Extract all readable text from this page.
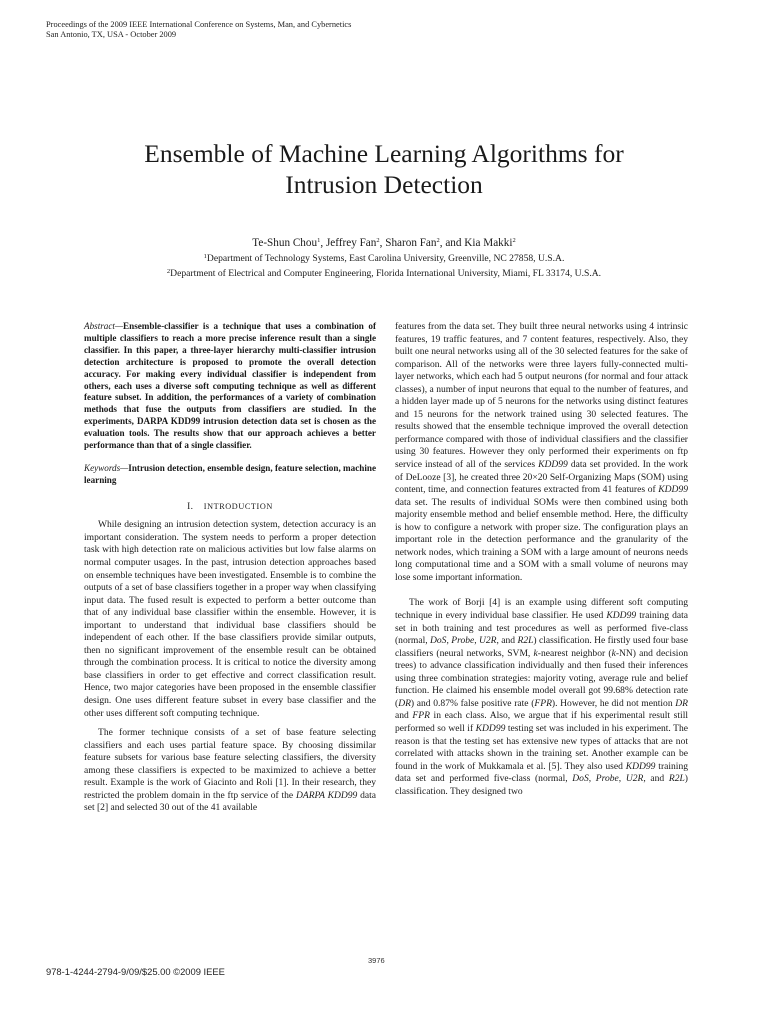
Proceedings of the 2009 IEEE International Conference on Systems, Man, and Cybernetics
San Antonio, TX, USA - October 2009
Ensemble of Machine Learning Algorithms for
Intrusion Detection
Te-Shun Chou$^1$, Jeffrey Fan$^2$, Sharon Fan$^2$, and Kia Makki$^2$
$^1$Department of Technology Systems, East Carolina University, Greenville, NC 27858, U.S.A.
$^2$Department of Electrical and Computer Engineering, Florida International University, Miami, FL 33174, U.S.A.

Abstract—Ensemble-classifier is a technique that uses a combination of multiple classifiers to reach a more precise inference result than a single classifier. In this paper, a three-layer hierarchy multi-classifier intrusion detection architecture is proposed to promote the overall detection accuracy. For making every individual classifier is independent from others, each uses a diverse soft computing technique as well as different feature subset. In addition, the performances of a variety of combination methods that fuse the outputs from classifiers are studied. In the experiments, DARPA KDD99 intrusion detection data set is chosen as the evaluation tools. The results show that our approach achieves a better performance than that of a single classifier.

Keywords—Intrusion detection, ensemble design, feature selection, machine learning

I. INTRODUCTION

While designing an intrusion detection system, detection accuracy is an important consideration. The system needs to perform a proper detection task with high detection rate on malicious activities but low false alarms on normal computer usages. In the past, intrusion detection approaches based on ensemble techniques have been investigated. Ensemble is to combine the outputs of a set of base classifiers together in a proper way when classifying input data. The fused result is expected to perform a better outcome than that of any individual base classifier within the ensemble. However, it is important to understand that individual base classifiers should be independent of each other. If the base classifiers provide similar outputs, then no significant improvement of the ensemble result can be obtained through the combination process. It is critical to notice the diversity among base classifiers in order to get effective and correct classification result. Hence, two major categories have been proposed in the ensemble classifier design. One uses different feature subset in every base classifier and the other uses different soft computing technique.

The former technique consists of a set of base feature selecting classifiers and each uses partial feature space. By choosing dissimilar feature subsets for various base feature selecting classifiers, the diversity among these classifiers is expected to be maximized to achieve a better result. Example is the work of Giacinto and Roli [1]. In their research, they restricted the problem domain in the ftp service of the DARPA KDD99 data set [2] and selected 30 out of the 41 available

features from the data set. They built three neural networks using 4 intrinsic features, 19 traffic features, and 7 content features, respectively. Also, they built one neural networks using all of the 30 selected features for the sake of comparison. All of the networks were three layers fully-connected multi-layer networks, which each had 5 output neurons (for normal and four attack classes), a number of input neurons that equal to the number of features, and a hidden layer made up of 5 neurons for the networks using distinct features and 15 neurons for the network trained using 30 selected features. The results showed that the ensemble technique improved the overall detection performance compared with those of individual classifiers and the classifier using 30 features. However they only performed their experiments on ftp service instead of all of the services KDD99 data set provided. In the work of DeLooze [3], he created three 20×20 Self-Organizing Maps (SOM) using content, time, and connection features extracted from 41 features of KDD99 data set. The results of individual SOMs were then combined using both majority ensemble method and belief ensemble method. Here, the difficulty is how to configure a network with proper size. The configuration plays an important role in the detection performance and the granularity of the network nodes, which training a SOM with a large amount of neurons needs long computational time and a SOM with a small volume of neurons may lose some important information.

The work of Borji [4] is an example using different soft computing technique in every individual base classifier. He used KDD99 training data set in both training and test procedures as well as performed five-class (normal, DoS, Probe, U2R, and R2L) classification. He firstly used four base classifiers (neural networks, SVM, k-nearest neighbor (k-NN) and decision trees) to advance classification individually and then fused their inferences using three combination strategies: majority voting, average rule and belief function. He claimed his ensemble model overall got 99.68% detection rate (DR) and 0.87% false positive rate (FPR). However, he did not mention DR and FPR in each class. Also, we argue that if his experimental result still performed so well if KDD99 testing set was included in his experiment. The reason is that the testing set has extensive new types of attacks that are not correlated with attacks shown in the training set. Another example can be found in the work of Mukkamala et al. [5]. They also used KDD99 training data set and performed five-class (normal, DoS, Probe, U2R, and R2L) classification. They designed two

3976
978-1-4244-2794-9/09/$25.00 ©2009 IEEE
